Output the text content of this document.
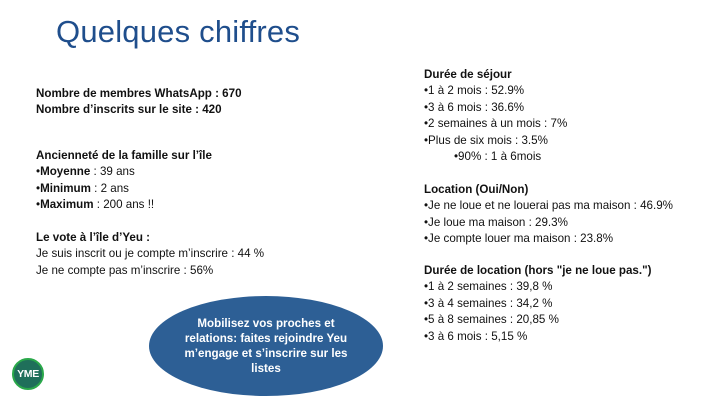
Quelques chiffres
Nombre de membres WhatsApp : 670
Nombre d’inscrits sur le site : 420
Ancienneté de la famille sur l’île
•Moyenne : 39 ans
•Minimum : 2 ans
•Maximum : 200 ans !!
Le vote à l’île d’Yeu :
Je suis inscrit ou je compte m’inscrire : 44 %
Je ne compte pas m’inscrire : 56%
Durée de séjour
•1 à 2 mois : 52.9%
•3 à 6 mois : 36.6%
•2 semaines à un mois : 7%
•Plus de six mois : 3.5%
•90% : 1 à 6mois
Location (Oui/Non)
•Je ne loue et ne louerai pas ma maison : 46.9%
•Je loue ma maison : 29.3%
•Je compte louer ma maison : 23.8%
Durée de location (hors "je ne loue pas.")
•1 à 2 semaines : 39,8 %
•3 à 4 semaines : 34,2 %
•5 à 8 semaines : 20,85 %
•3 à 6 mois : 5,15 %
Mobilisez vos proches et relations: faites rejoindre Yeu m’engage et s’inscrire sur les listes
YME
